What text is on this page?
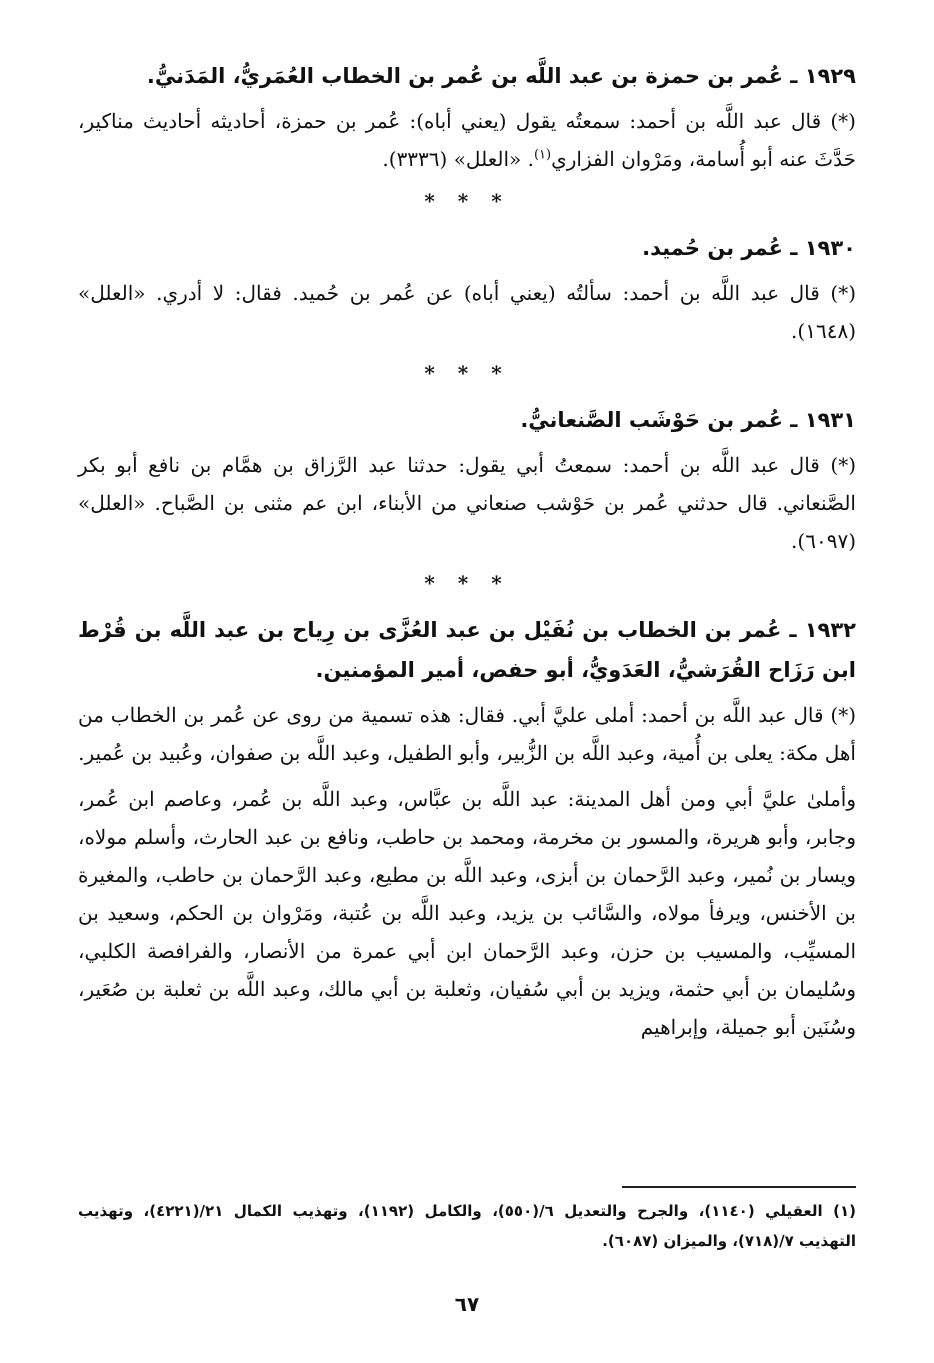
١٩٢٩ ـ عُمر بن حمزة بن عبد اللَّه بن عُمر بن الخطاب العُمَريُّ، المَدَنيُّ.

(*) قال عبد اللَّه بن أحمد: سمعتُه يقول (يعني أباه): عُمر بن حمزة، أحاديثه أحاديث مناكير، حَدَّثَ عنه أبو أُسامة، ومَرْوان الفزاري$^{(١)}$. «العلل» (٣٣٣٦).

* * *
١٩٣٠ ـ عُمر بن حُميد.

(*) قال عبد اللَّه بن أحمد: سألتُه (يعني أباه) عن عُمر بن حُميد. فقال: لا أدري. «العلل» (١٦٤٨).

* * *
١٩٣١ ـ عُمر بن حَوْشَب الصَّنعانيُّ.

(*) قال عبد اللَّه بن أحمد: سمعتُ أبي يقول: حدثنا عبد الرَّزاق بن همَّام بن نافع أبو بكر الصَّنعاني. قال حدثني عُمر بن حَوْشب صنعاني من الأبناء، ابن عم مثنى بن الصَّباح. «العلل» (٦٠٩٧).

* * *
١٩٣٢ ـ عُمر بن الخطاب بن نُفَيْل بن عبد العُزَّى بن رِياح بن عبد اللَّه بن قُرْط ابن رَزَاح القُرَشيُّ، العَدَويُّ، أبو حفص، أمير المؤمنين.

(*) قال عبد اللَّه بن أحمد: أملى عليَّ أبي. فقال: هذه تسمية من روى عن عُمر بن الخطاب من أهل مكة: يعلى بن أُمية، وعبد اللَّه بن الزُّبير، وأبو الطفيل، وعبد اللَّه بن صفوان، وعُبيد بن عُمير.

وأملىٰ عليَّ أبي ومن أهل المدينة: عبد اللَّه بن عبَّاس، وعبد اللَّه بن عُمر، وعاصم ابن عُمر، وجابر، وأبو هريرة، والمسور بن مخرمة، ومحمد بن حاطب، ونافع بن عبد الحارث، وأسلم مولاه، ويسار بن نُمير، وعبد الرَّحمان بن أبزى، وعبد اللَّه بن مطيع، وعبد الرَّحمان بن حاطب، والمغيرة بن الأخنس، ويرفأ مولاه، والسَّائب بن يزيد، وعبد اللَّه بن عُتبة، ومَرْوان بن الحكم، وسعيد بن المسيِّب، والمسيب بن حزن، وعبد الرَّحمان ابن أبي عمرة من الأنصار، والفرافصة الكلبي، وسُليمان بن أبي حثمة، ويزيد بن أبي سُفيان، وثعلبة بن أبي مالك، وعبد اللَّه بن ثعلبة بن صُعَير، وسُنَين أبو جميلة، وإبراهيم

(١) العقيلي (١١٤٠)، والجرح والتعديل ٦/(٥٥٠)، والكامل (١١٩٢)، وتهذيب الكمال ٢١/(٤٢٢١)، وتهذيب التهذيب ٧/(٧١٨)، والميزان (٦٠٨٧).
٦٧
